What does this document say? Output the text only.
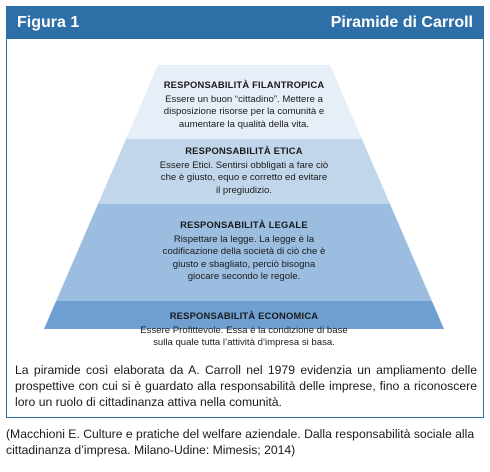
Figura 1	Piramide di Carroll
RESPONSABILITÀ FILANTROPICA
Essere un buon “cittadino”. Mettere a
disposizione risorse per la comunità e
aumentare la qualità della vita.
RESPONSABILITÀ ETICA
Essere Etici. Sentirsi obbligati a fare ciò
che è giusto, equo e corretto ed evitare
il pregiudizio.
RESPONSABILITÀ LEGALE
Rispettare la legge. La legge è la
codificazione della società di ciò che è
giusto e sbagliato, perciò bisogna
giocare secondo le regole.
RESPONSABILITÀ ECONOMICA
Essere Profittevole. Essa è la condizione di base
sulla quale tutta l’attività d’impresa si basa.
La piramide così elaborata da A. Carroll nel 1979 evidenzia un ampliamento delle prospettive con cui si è guardato alla responsabilità delle imprese, fino a riconoscere loro un ruolo di cittadinanza attiva nella comunità.
(Macchioni E. Culture e pratiche del welfare aziendale. Dalla responsabilità sociale alla cittadinanza d’impresa. Milano-Udine: Mimesis; 2014)
